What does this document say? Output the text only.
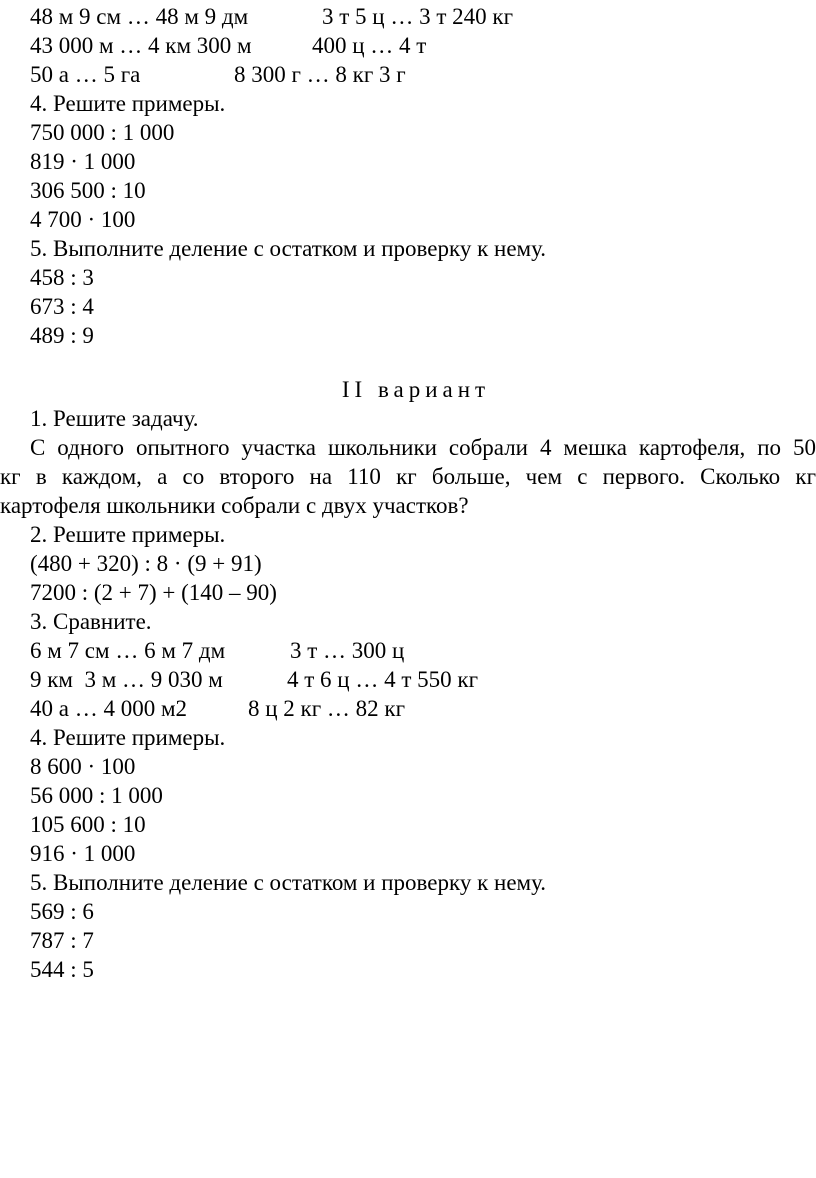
48 м 9 см … 48 м 9 дм	3 т 5 ц … 3 т 240 кг
43 000 м … 4 км 300 м	400 ц … 4 т
50 а … 5 га	8 300 г … 8 кг 3 г
4. Решите примеры.
750 000 : 1 000
819 · 1 000
306 500 : 10
4 700 · 100
5. Выполните деление с остатком и проверку к нему.
458 : 3
673 : 4
489 : 9
II вариант
1. Решите задачу.
С одного опытного участка школьники собрали 4 мешка картофеля, по 50
кг в каждом, а со второго на 110 кг больше, чем с первого. Сколько кг
картофеля школьники собрали с двух участков?
2. Решите примеры.
(480 + 320) : 8 · (9 + 91)
7200 : (2 + 7) + (140 – 90)
3. Сравните.
6 м 7 см … 6 м 7 дм	3 т … 300 ц
9 км  3 м … 9 030 м	4 т 6 ц … 4 т 550 кг
40 а … 4 000 м2	8 ц 2 кг … 82 кг
4. Решите примеры.
8 600 · 100
56 000 : 1 000
105 600 : 10
916 · 1 000
5. Выполните деление с остатком и проверку к нему.
569 : 6
787 : 7
544 : 5
